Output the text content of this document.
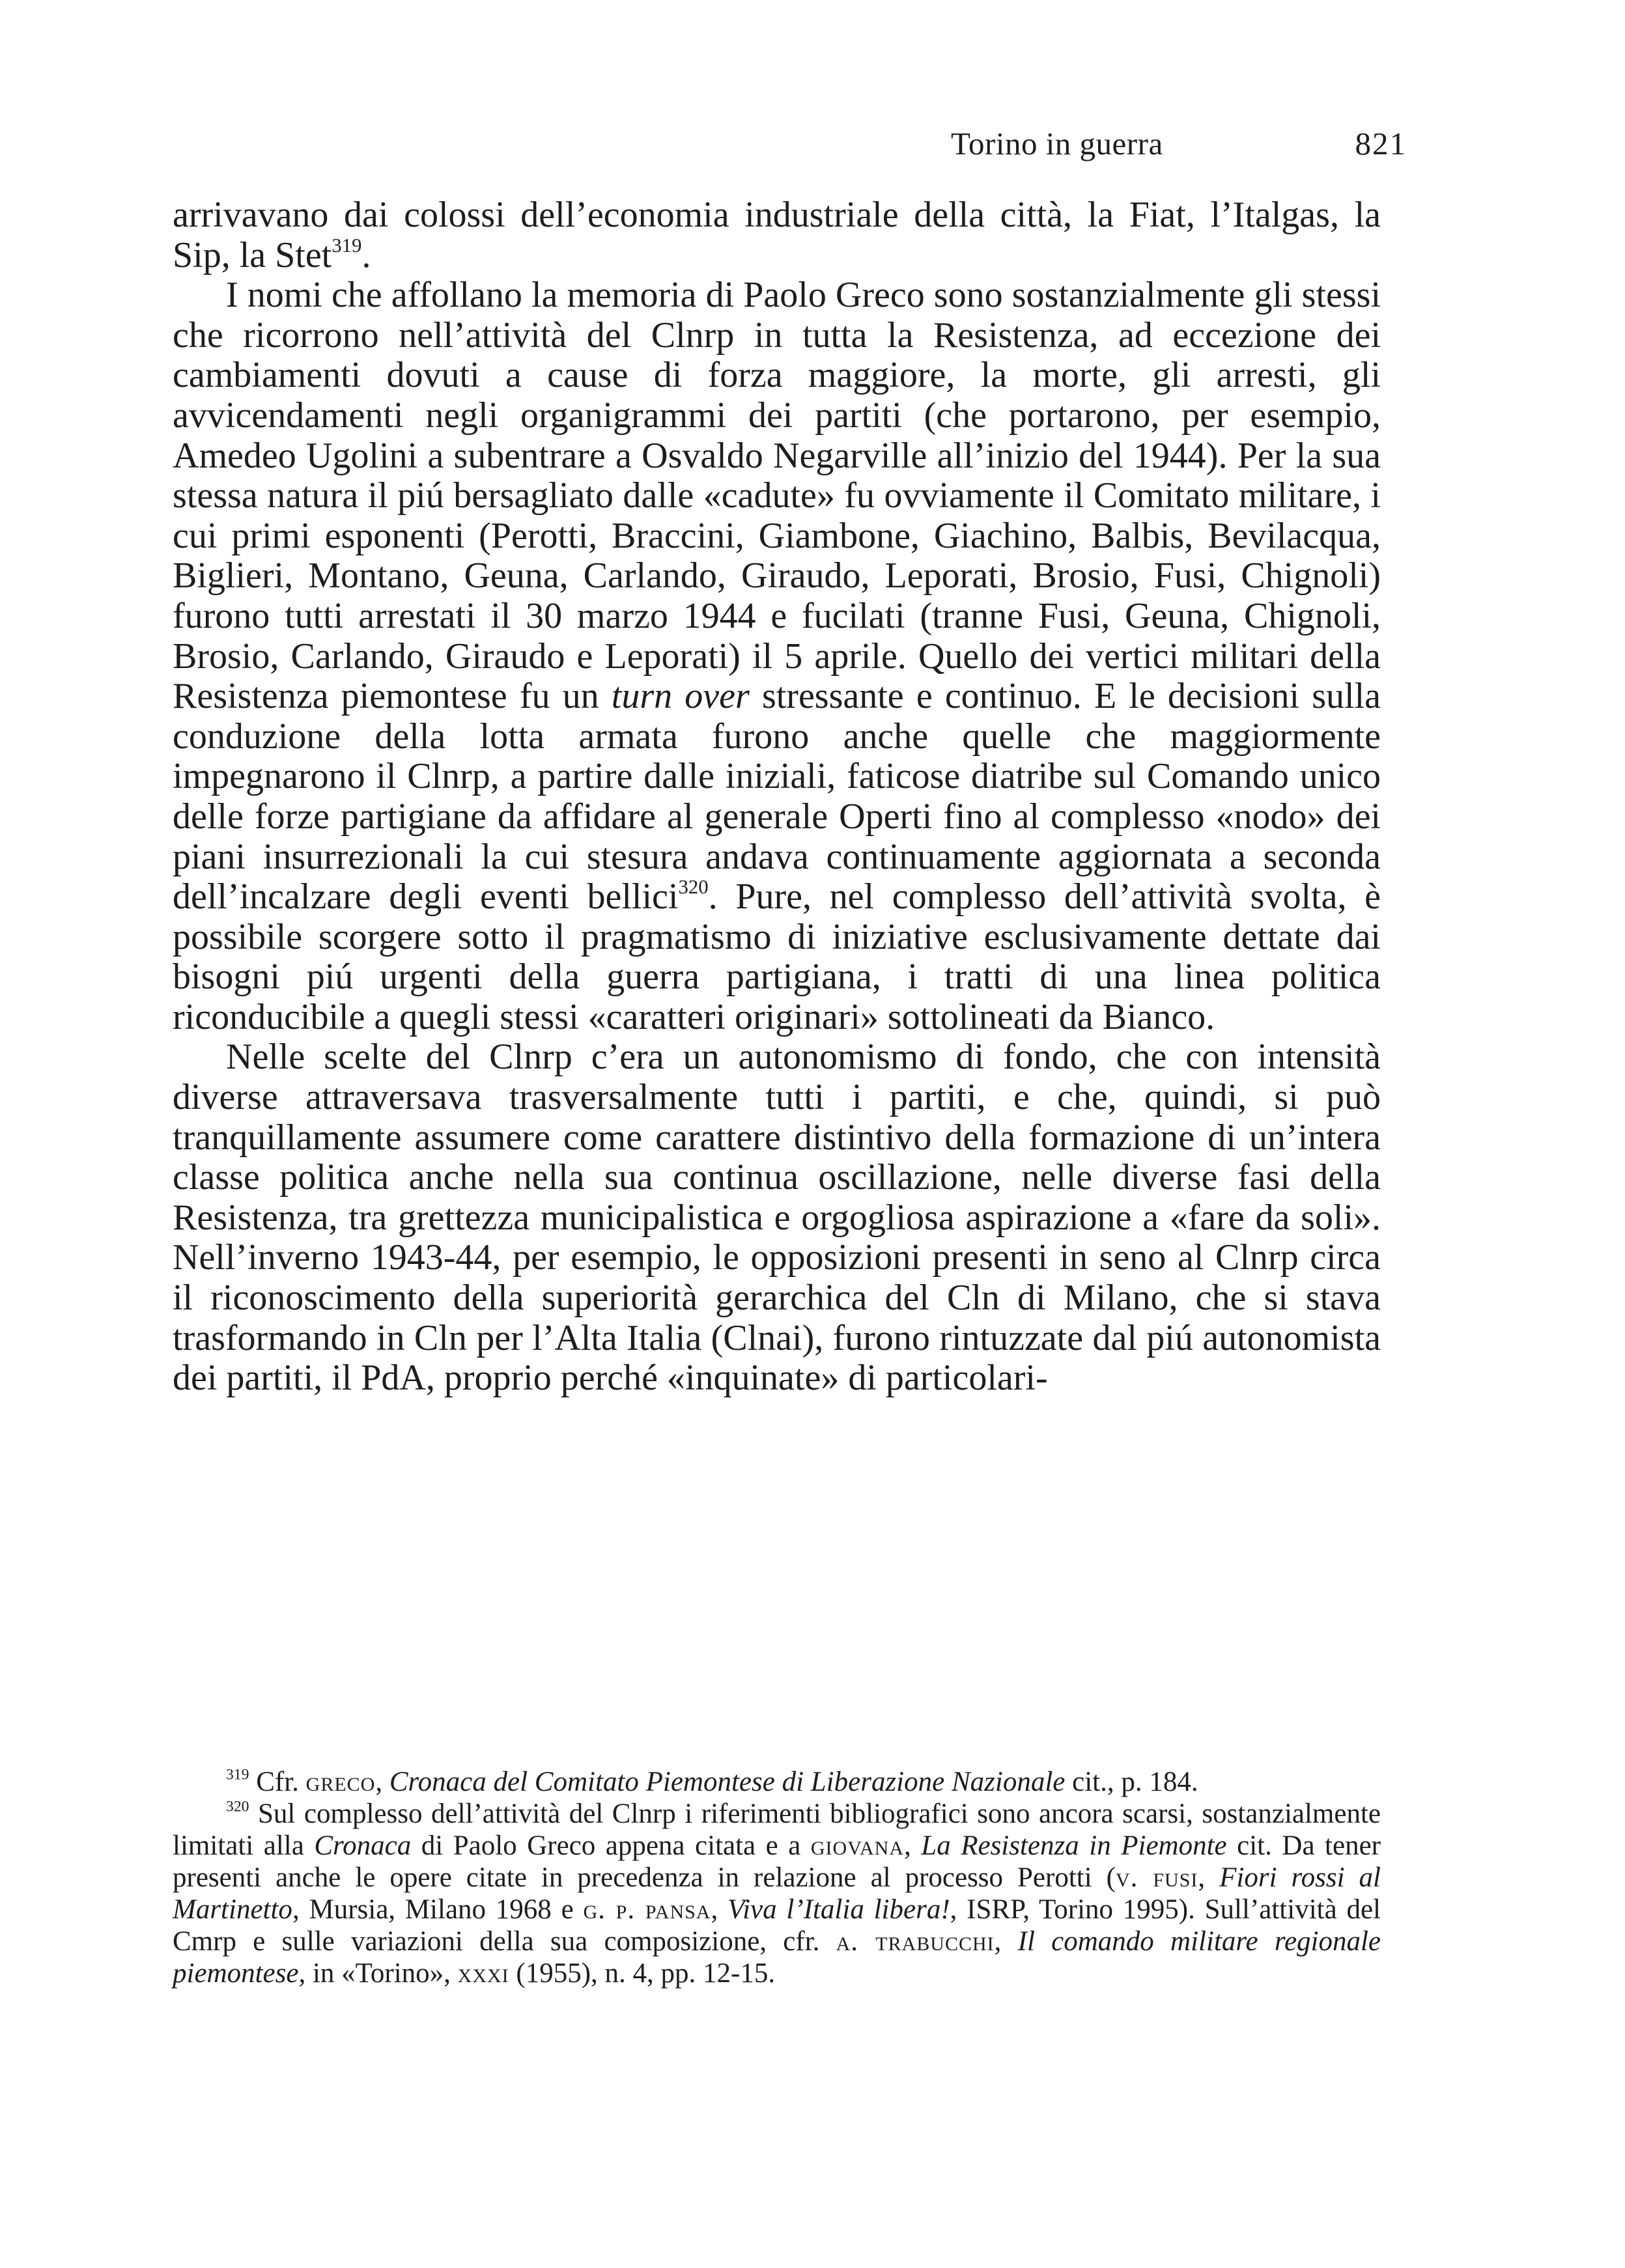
Torino in guerra	821

arrivavano dai colossi dell’economia industriale della città, la Fiat, l’Italgas, la Sip, la Stet$^{319}$.

I nomi che affollano la memoria di Paolo Greco sono sostanzialmente gli stessi che ricorrono nell’attività del Clnrp in tutta la Resistenza, ad eccezione dei cambiamenti dovuti a cause di forza maggiore, la morte, gli arresti, gli avvicendamenti negli organigrammi dei partiti (che portarono, per esempio, Amedeo Ugolini a subentrare a Osvaldo Negarville all’inizio del 1944). Per la sua stessa natura il piú bersagliato dalle «cadute» fu ovviamente il Comitato militare, i cui primi esponenti (Perotti, Braccini, Giambone, Giachino, Balbis, Bevilacqua, Biglieri, Montano, Geuna, Carlando, Giraudo, Leporati, Brosio, Fusi, Chignoli) furono tutti arrestati il 30 marzo 1944 e fucilati (tranne Fusi, Geuna, Chignoli, Brosio, Carlando, Giraudo e Leporati) il 5 aprile. Quello dei vertici militari della Resistenza piemontese fu un turn over stressante e continuo. E le decisioni sulla conduzione della lotta armata furono anche quelle che maggiormente impegnarono il Clnrp, a partire dalle iniziali, faticose diatribe sul Comando unico delle forze partigiane da affidare al generale Operti fino al complesso «nodo» dei piani insurrezionali la cui stesura andava continuamente aggiornata a seconda dell’incalzare degli eventi bellici$^{320}$. Pure, nel complesso dell’attività svolta, è possibile scorgere sotto il pragmatismo di iniziative esclusivamente dettate dai bisogni piú urgenti della guerra partigiana, i tratti di una linea politica riconducibile a quegli stessi «caratteri originari» sottolineati da Bianco.

Nelle scelte del Clnrp c’era un autonomismo di fondo, che con intensità diverse attraversava trasversalmente tutti i partiti, e che, quindi, si può tranquillamente assumere come carattere distintivo della formazione di un’intera classe politica anche nella sua continua oscillazione, nelle diverse fasi della Resistenza, tra grettezza municipalistica e orgogliosa aspirazione a «fare da soli». Nell’inverno 1943-44, per esempio, le opposizioni presenti in seno al Clnrp circa il riconoscimento della superiorità gerarchica del Cln di Milano, che si stava trasformando in Cln per l’Alta Italia (Clnai), furono rintuzzate dal piú autonomista dei partiti, il PdA, proprio perché «inquinate» di particolari-

$^{319}$ Cfr. greco, Cronaca del Comitato Piemontese di Liberazione Nazionale cit., p. 184.

$^{320}$ Sul complesso dell’attività del Clnrp i riferimenti bibliografici sono ancora scarsi, sostanzialmente limitati alla Cronaca di Paolo Greco appena citata e a giovana, La Resistenza in Piemonte cit. Da tener presenti anche le opere citate in precedenza in relazione al processo Perotti (v. fusi, Fiori rossi al Martinetto, Mursia, Milano 1968 e g. p. pansa, Viva l’Italia libera!, ISRP, Torino 1995). Sull’attività del Cmrp e sulle variazioni della sua composizione, cfr. a. trabucchi, Il comando militare regionale piemontese, in «Torino», xxxi (1955), n. 4, pp. 12-15.
